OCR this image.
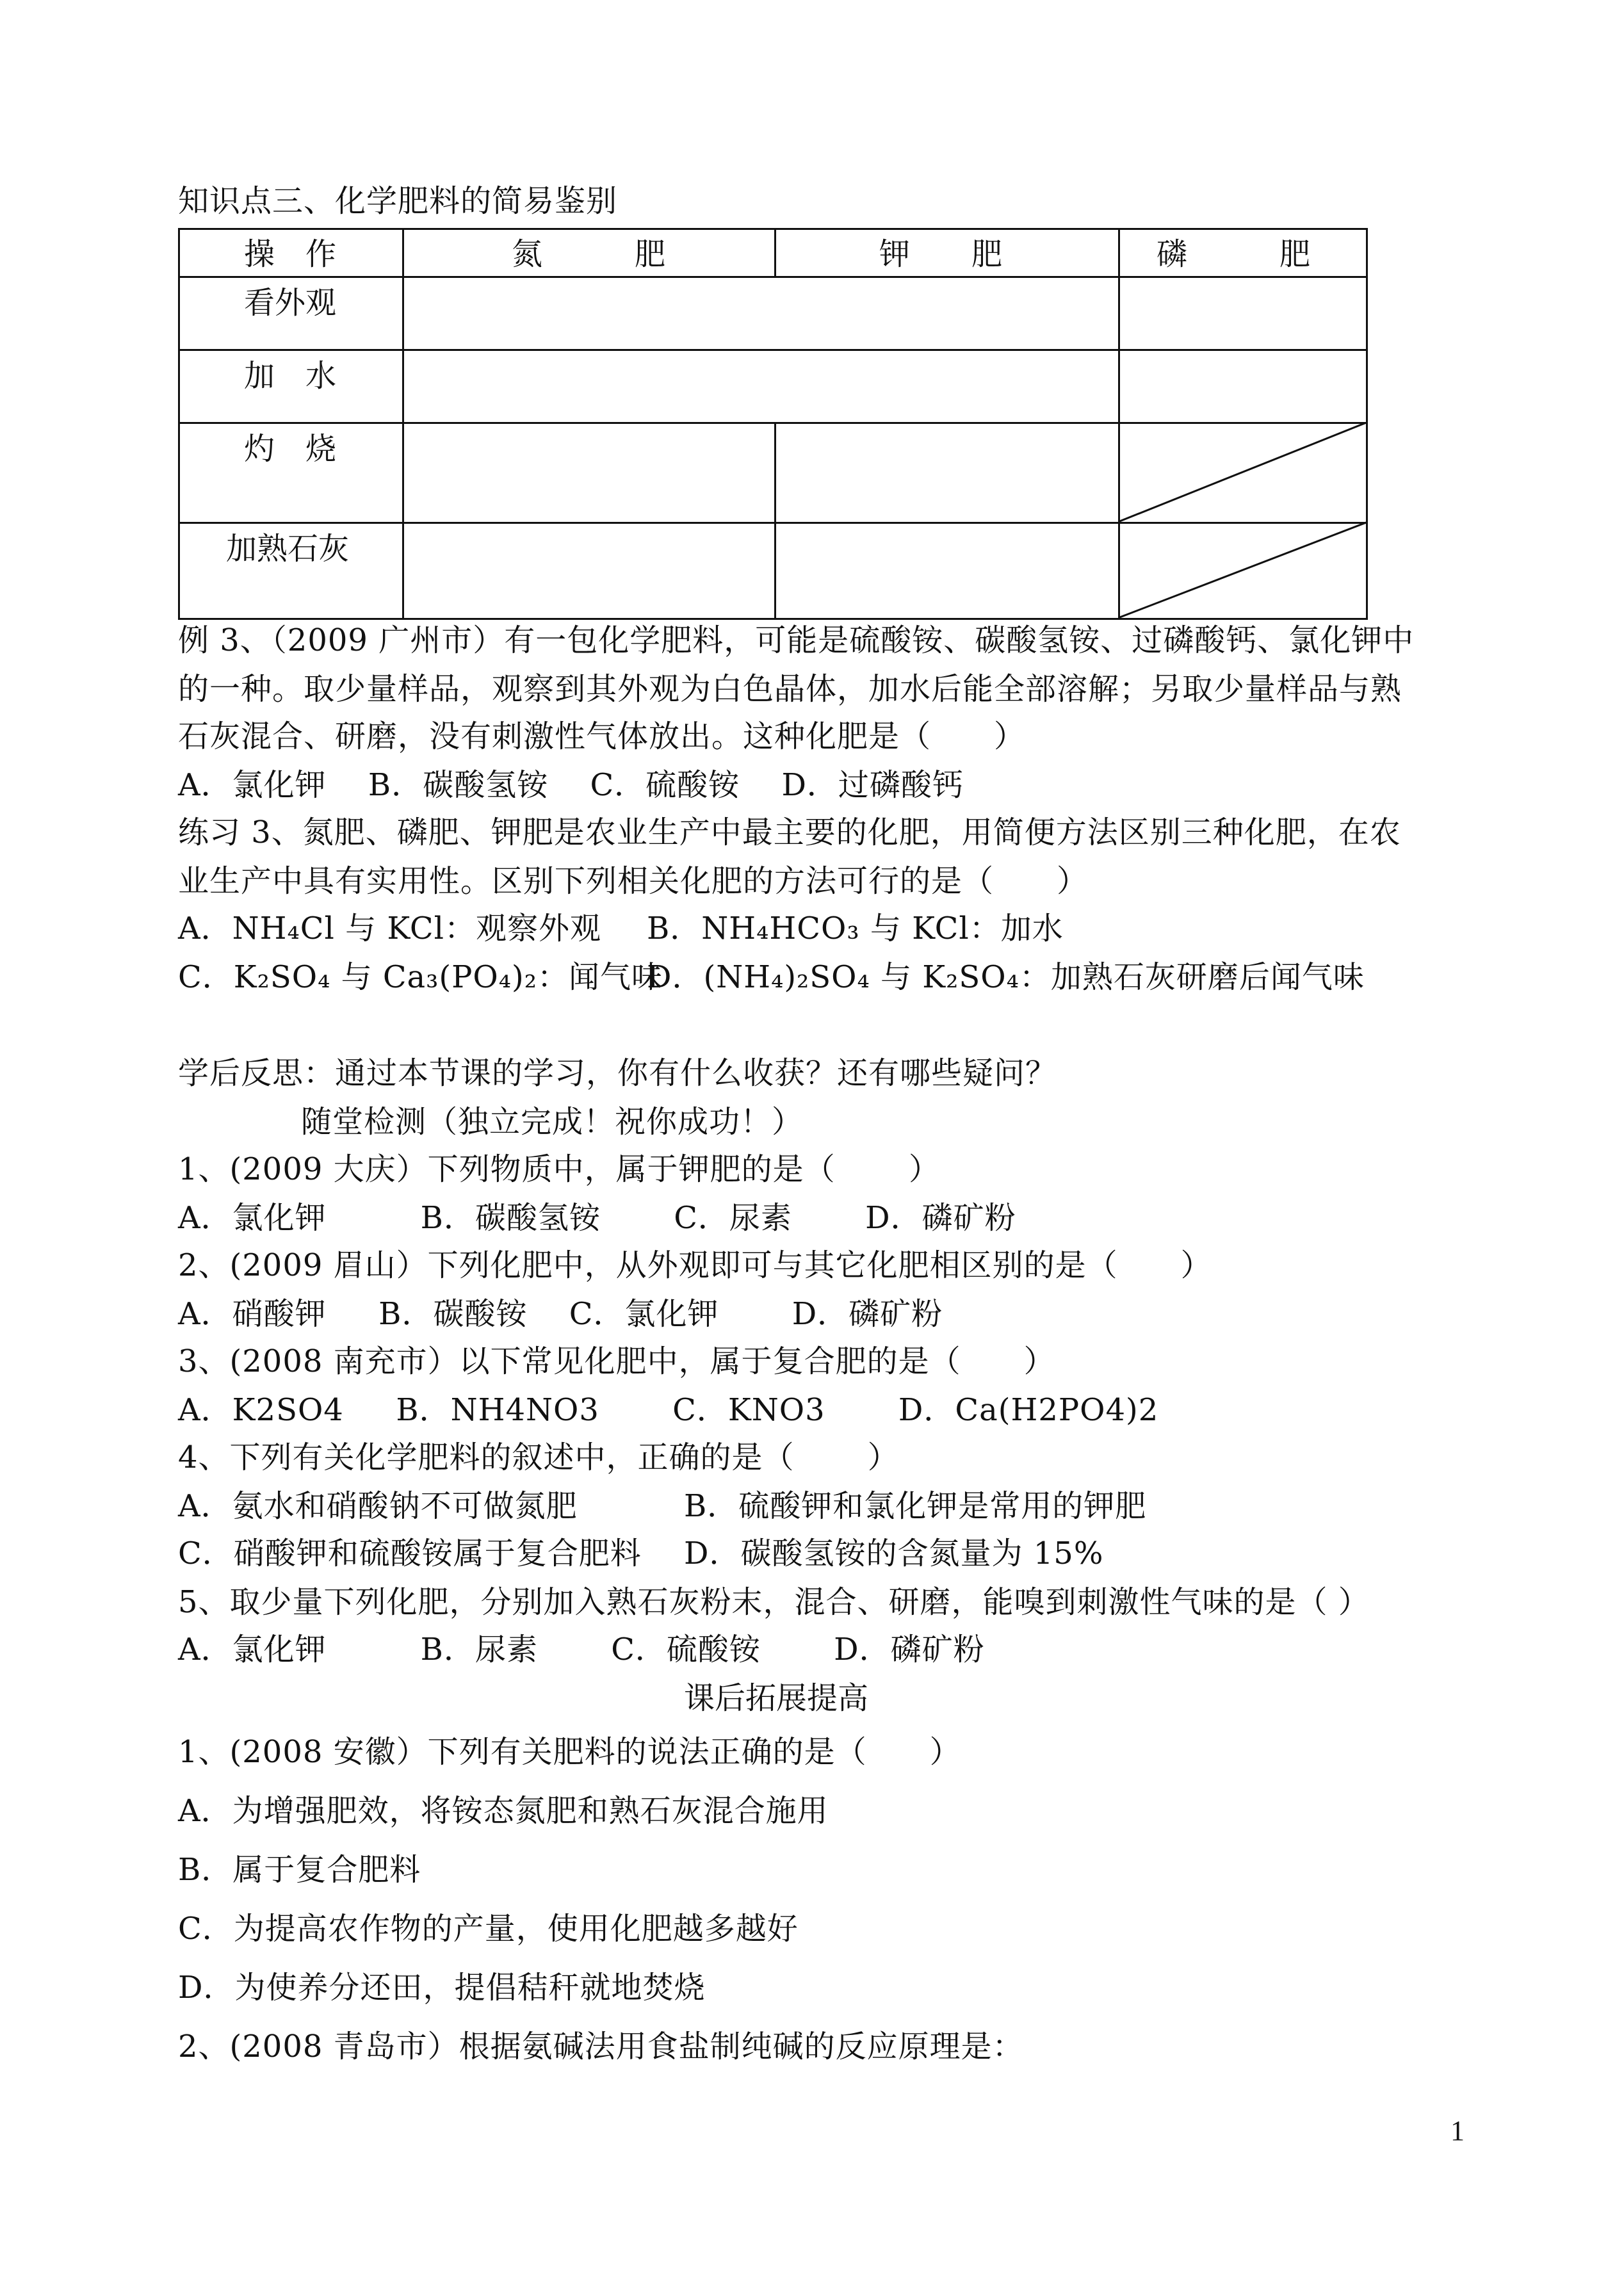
知识点三、化学肥料的简易鉴别
操　作	氮　　　肥	钾　　肥	磷　　　肥
看外观
加　水
灼　烧
加熟石灰
例 3、（2009 广州市）有一包化学肥料，可能是硫酸铵、碳酸氢铵、过磷酸钙、氯化钾中
的一种。取少量样品，观察到其外观为白色晶体，加水后能全部溶解；另取少量样品与熟
石灰混合、研磨，没有刺激性气体放出。这种化肥是（　　）
A．氯化钾　 B．碳酸氢铵　 C．硫酸铵　 D．过磷酸钙
练习 3、氮肥、磷肥、钾肥是农业生产中最主要的化肥，用简便方法区别三种化肥，在农
业生产中具有实用性。区别下列相关化肥的方法可行的是（　　）
A．NH₄Cl 与 KCl：观察外观 B．NH₄HCO₃ 与 KCl：加水
C．K₂SO₄ 与 Ca₃(PO₄)₂：闻气味
D．(NH₄)₂SO₄ 与 K₂SO₄：加熟石灰研磨后闻气味
学后反思：通过本节课的学习，你有什么收获？还有哪些疑问？
随堂检测（独立完成！祝你成功！）
1、(2009 大庆）下列物质中，属于钾肥的是（　　 ）
A．氯化钾　　　B．碳酸氢铵　　 C．尿素　　 D．磷矿粉
2、(2009 眉山）下列化肥中，从外观即可与其它化肥相区别的是（　　）
A．硝酸钾　  B．碳酸铵　 C．氯化钾　　 D．磷矿粉
3、(2008 南充市）以下常见化肥中，属于复合肥的是（　　）
A．K2SO4　  B．NH4NO3　　 C．KNO3　　 D．Ca(H2PO4)2
4、下列有关化学肥料的叙述中，正确的是（　　 ）
A．氨水和硝酸钠不可做氮肥	B．硫酸钾和氯化钾是常用的钾肥
C．硝酸钾和硫酸铵属于复合肥料 D．碳酸氢铵的含氮量为 15%
5、取少量下列化肥，分别加入熟石灰粉末，混合、研磨，能嗅到刺激性气味的是（ ）
A．氯化钾　　　B．尿素　　 C．硫酸铵　　 D．磷矿粉
课后拓展提高
1、(2008 安徽）下列有关肥料的说法正确的是（　　）
A．为增强肥效，将铵态氮肥和熟石灰混合施用
B．属于复合肥料
C．为提高农作物的产量，使用化肥越多越好
D．为使养分还田，提倡秸秆就地焚烧
2、(2008 青岛市）根据氨碱法用食盐制纯碱的反应原理是：
1
